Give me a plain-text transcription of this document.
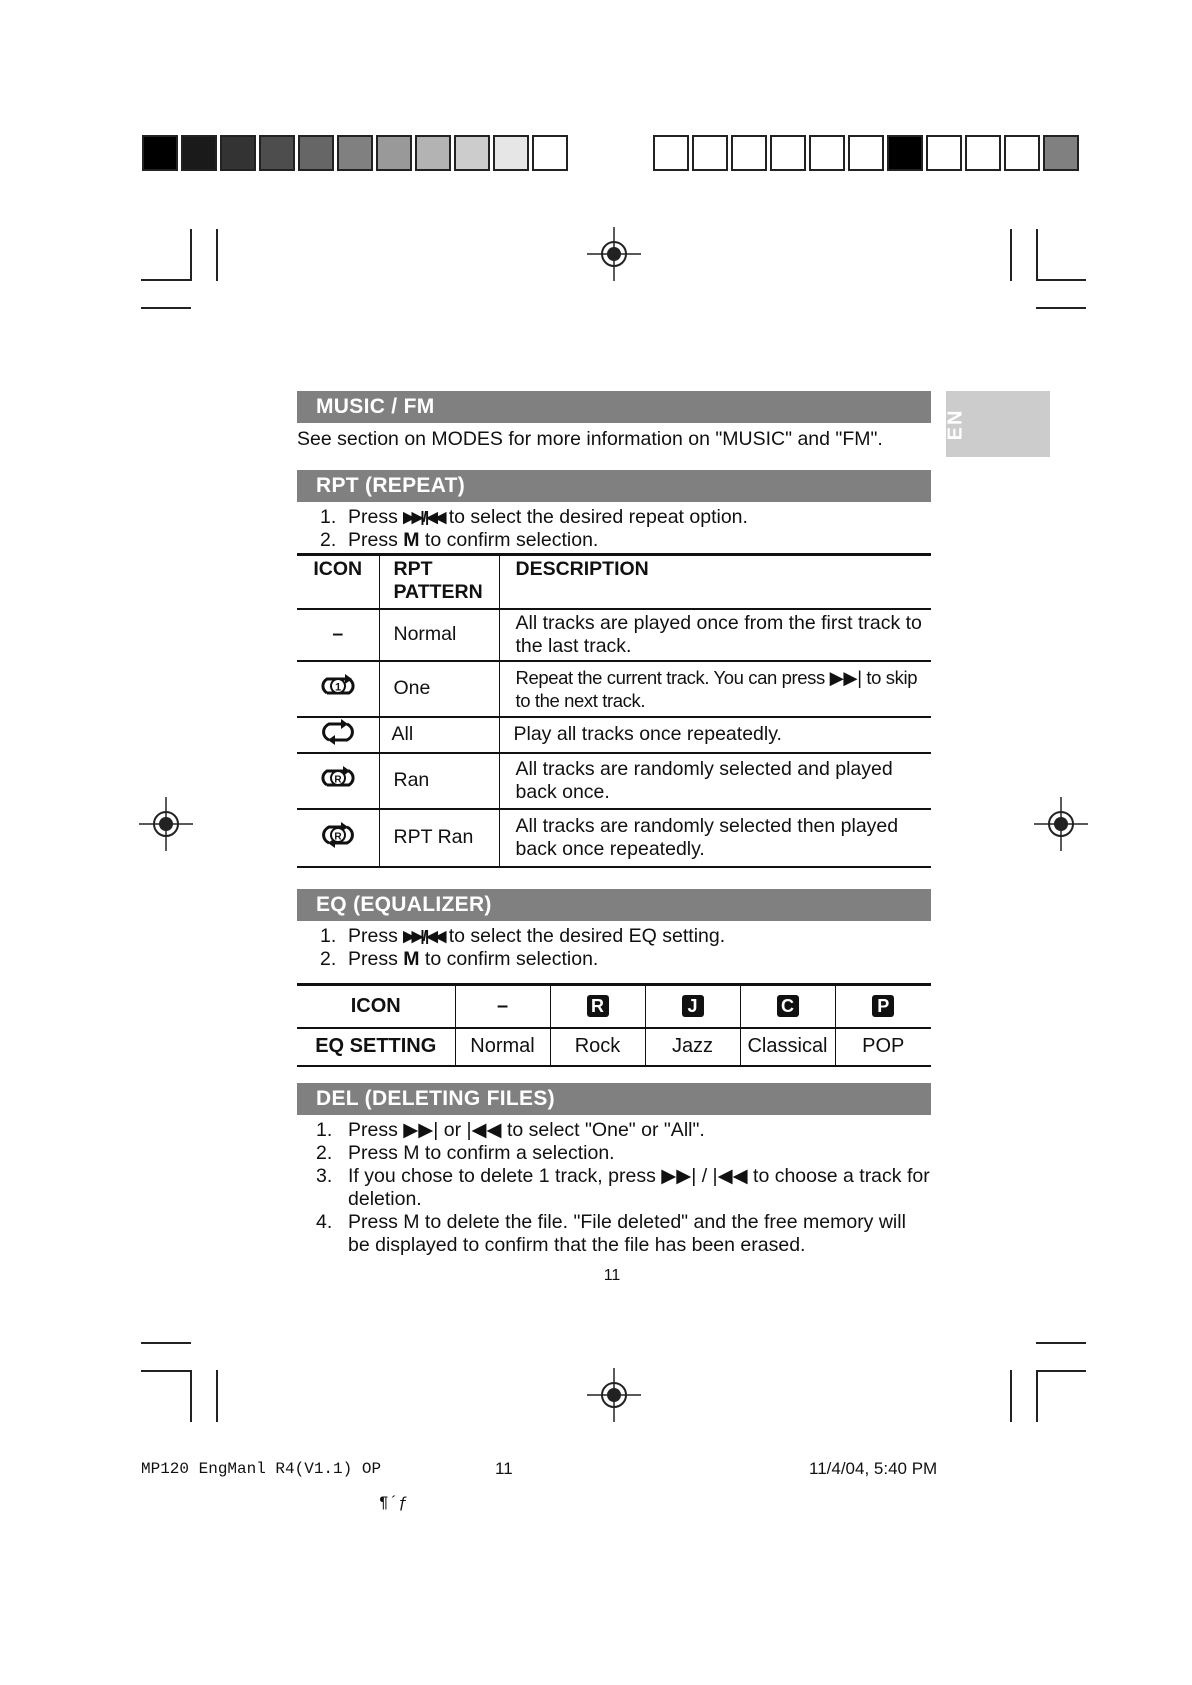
EN
MUSIC / FM
See section on MODES for more information on "MUSIC" and "FM".
RPT (REPEAT)
1. Press ▶▶| / |◀◀ to select the desired repeat option.
2. Press M to confirm selection.
ICON	RPT PATTERN	DESCRIPTION
–	Normal	All tracks are played once from the first track to the last track.

1	One	Repeat the current track. You can press ▶▶| to skip to the next track.
	All	Play all tracks once repeatedly.

R	Ran	All tracks are randomly selected and played back once.

R	RPT Ran	All tracks are randomly selected then played back once repeatedly.
EQ (EQUALIZER)
1. Press ▶▶| / |◀◀ to select the desired EQ setting.
2. Press M to confirm selection.
ICON	–	R	J	C	P
EQ SETTING	Normal	Rock	Jazz	Classical	POP
DEL (DELETING FILES)
1. Press ▶▶| or |◀◀ to select "One" or "All".
2. Press M to confirm a selection.
3. If you chose to delete 1 track, press ▶▶| / |◀◀ to choose a track for deletion.
4. Press M to delete the file. "File deleted" and the free memory will be displayed to confirm that the file has been erased.
11
MP120 EngManl R4(V1.1) OP	11	11/4/04, 5:40 PM
¶´ƒ
